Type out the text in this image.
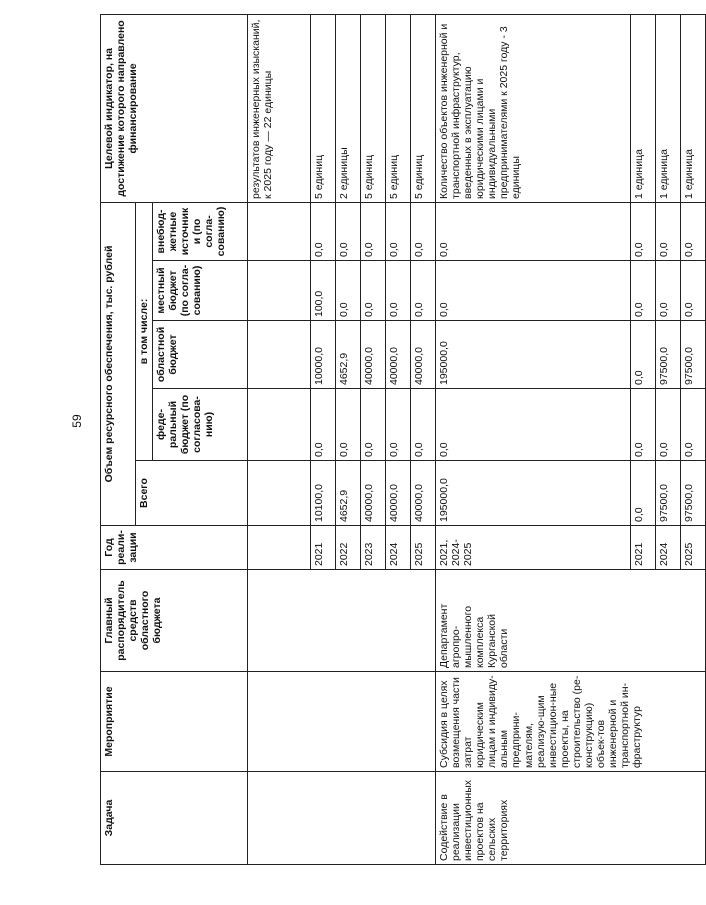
59
Задача	Мероприятие	Главный распорядитель средств областного бюджета	Год реали-зации	Объем ресурсного обеспечения, тыс. рублей					Целевой индикатор, на достижение которого направлено финансирование
				Всего	в том числе:				
					феде-ральный бюджет (по согласова-нию)	областной бюджет	местный бюджет (по согла-сованию)	внебюд-жетные источники (по согла-сованию)	
									результатов инженерных изысканий, к 2025 году — 22 единицы
			2021	10100,0	0,0	10000,0	100,0	0,0	5 единиц
			2022	4652,9	0,0	4652,9	0,0	0,0	2 единицы
			2023	40000,0	0,0	40000,0	0,0	0,0	5 единиц
			2024	40000,0	0,0	40000,0	0,0	0,0	5 единиц
			2025	40000,0	0,0	40000,0	0,0	0,0	5 единиц
Содействие в реализации инвестиционных проектов на сельских территориях	Субсидия в целях возмещения части затрат юридическим лицам и индивиду-альным предприни-мателям, реализую-щим инвестицион-ные проекты, на строительство (ре-конструкцию) объек-тов инженерной и транспортной ин-фраструктур	Департамент агропро-мышленного комплекса Курганской области	2021, 2024-2025	195000,0	0,0	195000,0	0,0	0,0	Количество объектов инженерной и транспортной инфраструктур, введенных в эксплуатацию юридическими лицами и индивидуальными предпринимателями к 2025 году - 3 единицы
			2021	0,0	0,0	0,0	0,0	0,0	1 единица
			2024	97500,0	0,0	97500,0	0,0	0,0	1 единица
			2025	97500,0	0,0	97500,0	0,0	0,0	1 единица
